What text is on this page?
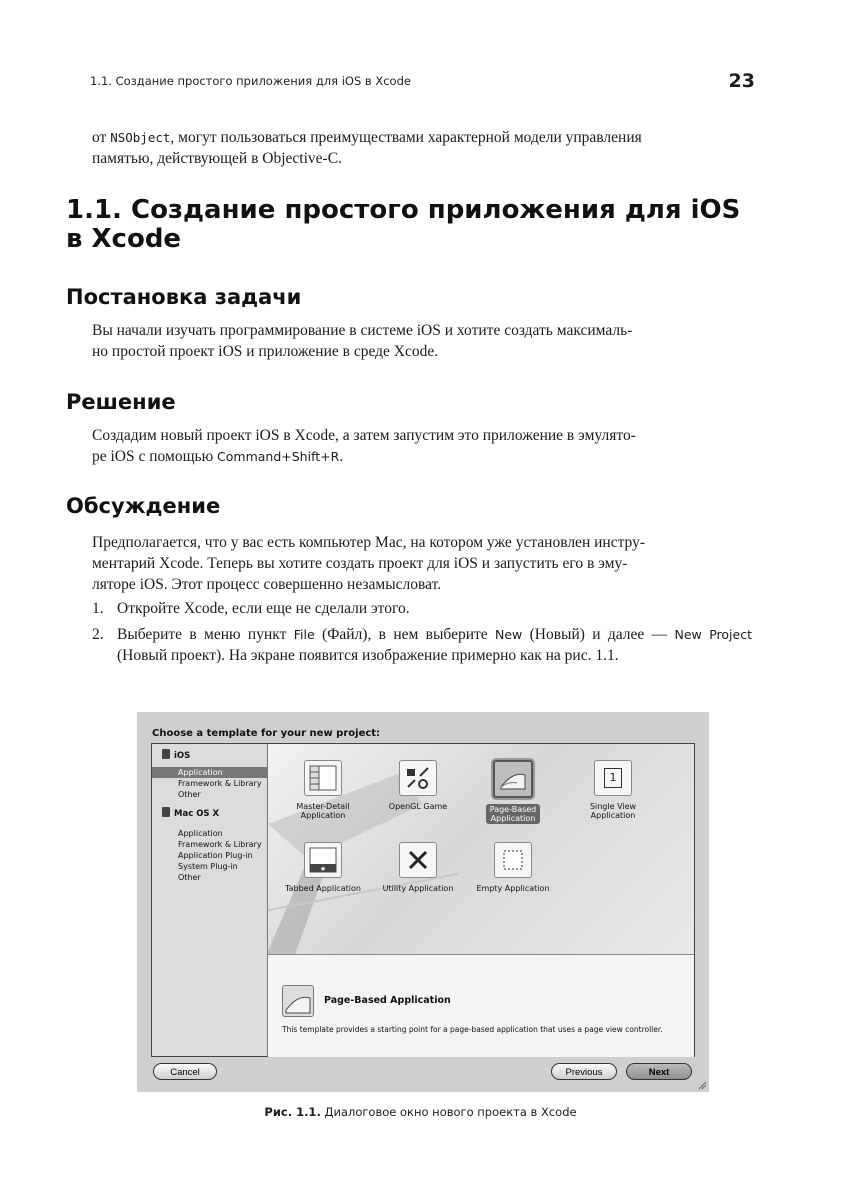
1.1. Создание простого приложения для iOS в Xcode	23
от NSObject, могут пользоваться преимуществами характерной модели управления
памятью, действующей в Objective-C.
1.1. Создание простого приложения для iOS
в Xcode
Постановка задачи
Вы начали изучать программирование в системе iOS и хотите создать максималь-
но простой проект iOS и приложение в среде Xcode.
Решение
Создадим новый проект iOS в Xcode, а затем запустим это приложение в эмулято-
ре iOS с помощью Command+Shift+R.
Обсуждение
Предполагается, что у вас есть компьютер Mac, на котором уже установлен инстру-
ментарий Xcode. Теперь вы хотите создать проект для iOS и запустить его в эму-
ляторе iOS. Этот процесс совершенно незамысловат.
1. Откройте Xcode, если еще не сделали этого.
2. Выберите в меню пункт File (Файл), в нем выберите New (Новый) и далее — New Project (Новый проект). На экране появится изображение примерно как на рис. 1.1.
Choose a template for your new project:
iOS
Application
Framework & Library
Other
Mac OS X
Application
Framework & Library
Application Plug-in
System Plug-in
Other
Master-Detail
Application
OpenGL Game	Page-Based
Application
1
Single View
Application
★
Tabbed Application	Utility Application	Empty Application
Page-Based Application
This template provides a starting point for a page-based application that uses a page view controller.
Cancel	Previous	Next
Рис. 1.1. Диалоговое окно нового проекта в Xcode
